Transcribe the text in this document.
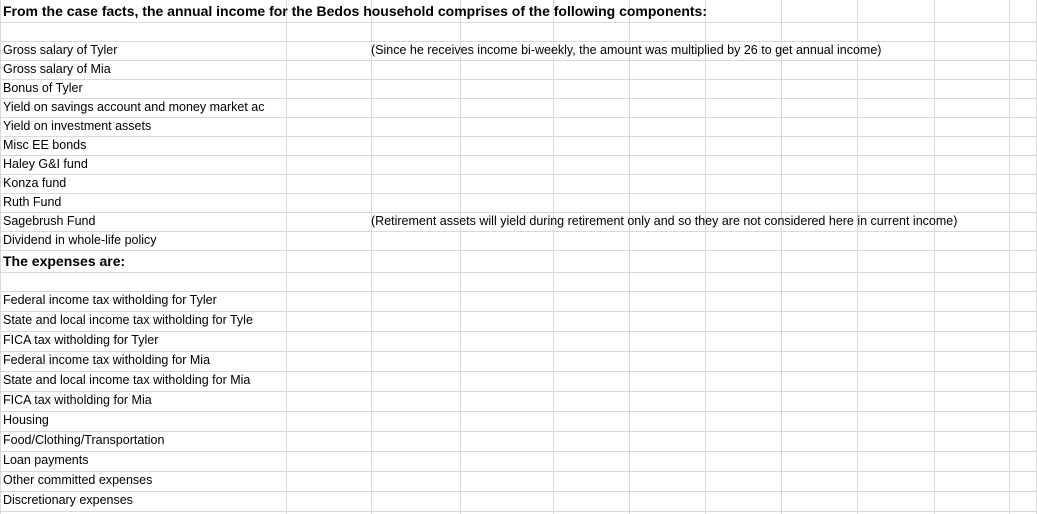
From the case facts, the annual income for the Bedos household comprises of the following components:
Gross salary of Tyler	(Since he receives income bi-weekly, the amount was multiplied by 26 to get annual income)
Gross salary of Mia
Bonus of Tyler
Yield on savings account and money market ac
Yield on investment assets
Misc EE bonds
Haley G&I fund
Konza fund
Ruth Fund
Sagebrush Fund	(Retirement assets will yield during retirement only and so they are not considered here in current income)
Dividend in whole-life policy
The expenses are:
Federal income tax witholding for Tyler
State and local income tax witholding for Tyle
FICA tax witholding for Tyler
Federal income tax witholding for Mia
State and local income tax witholding for Mia
FICA tax witholding for Mia
Housing
Food/Clothing/Transportation
Loan payments
Other committed expenses
Discretionary expenses
